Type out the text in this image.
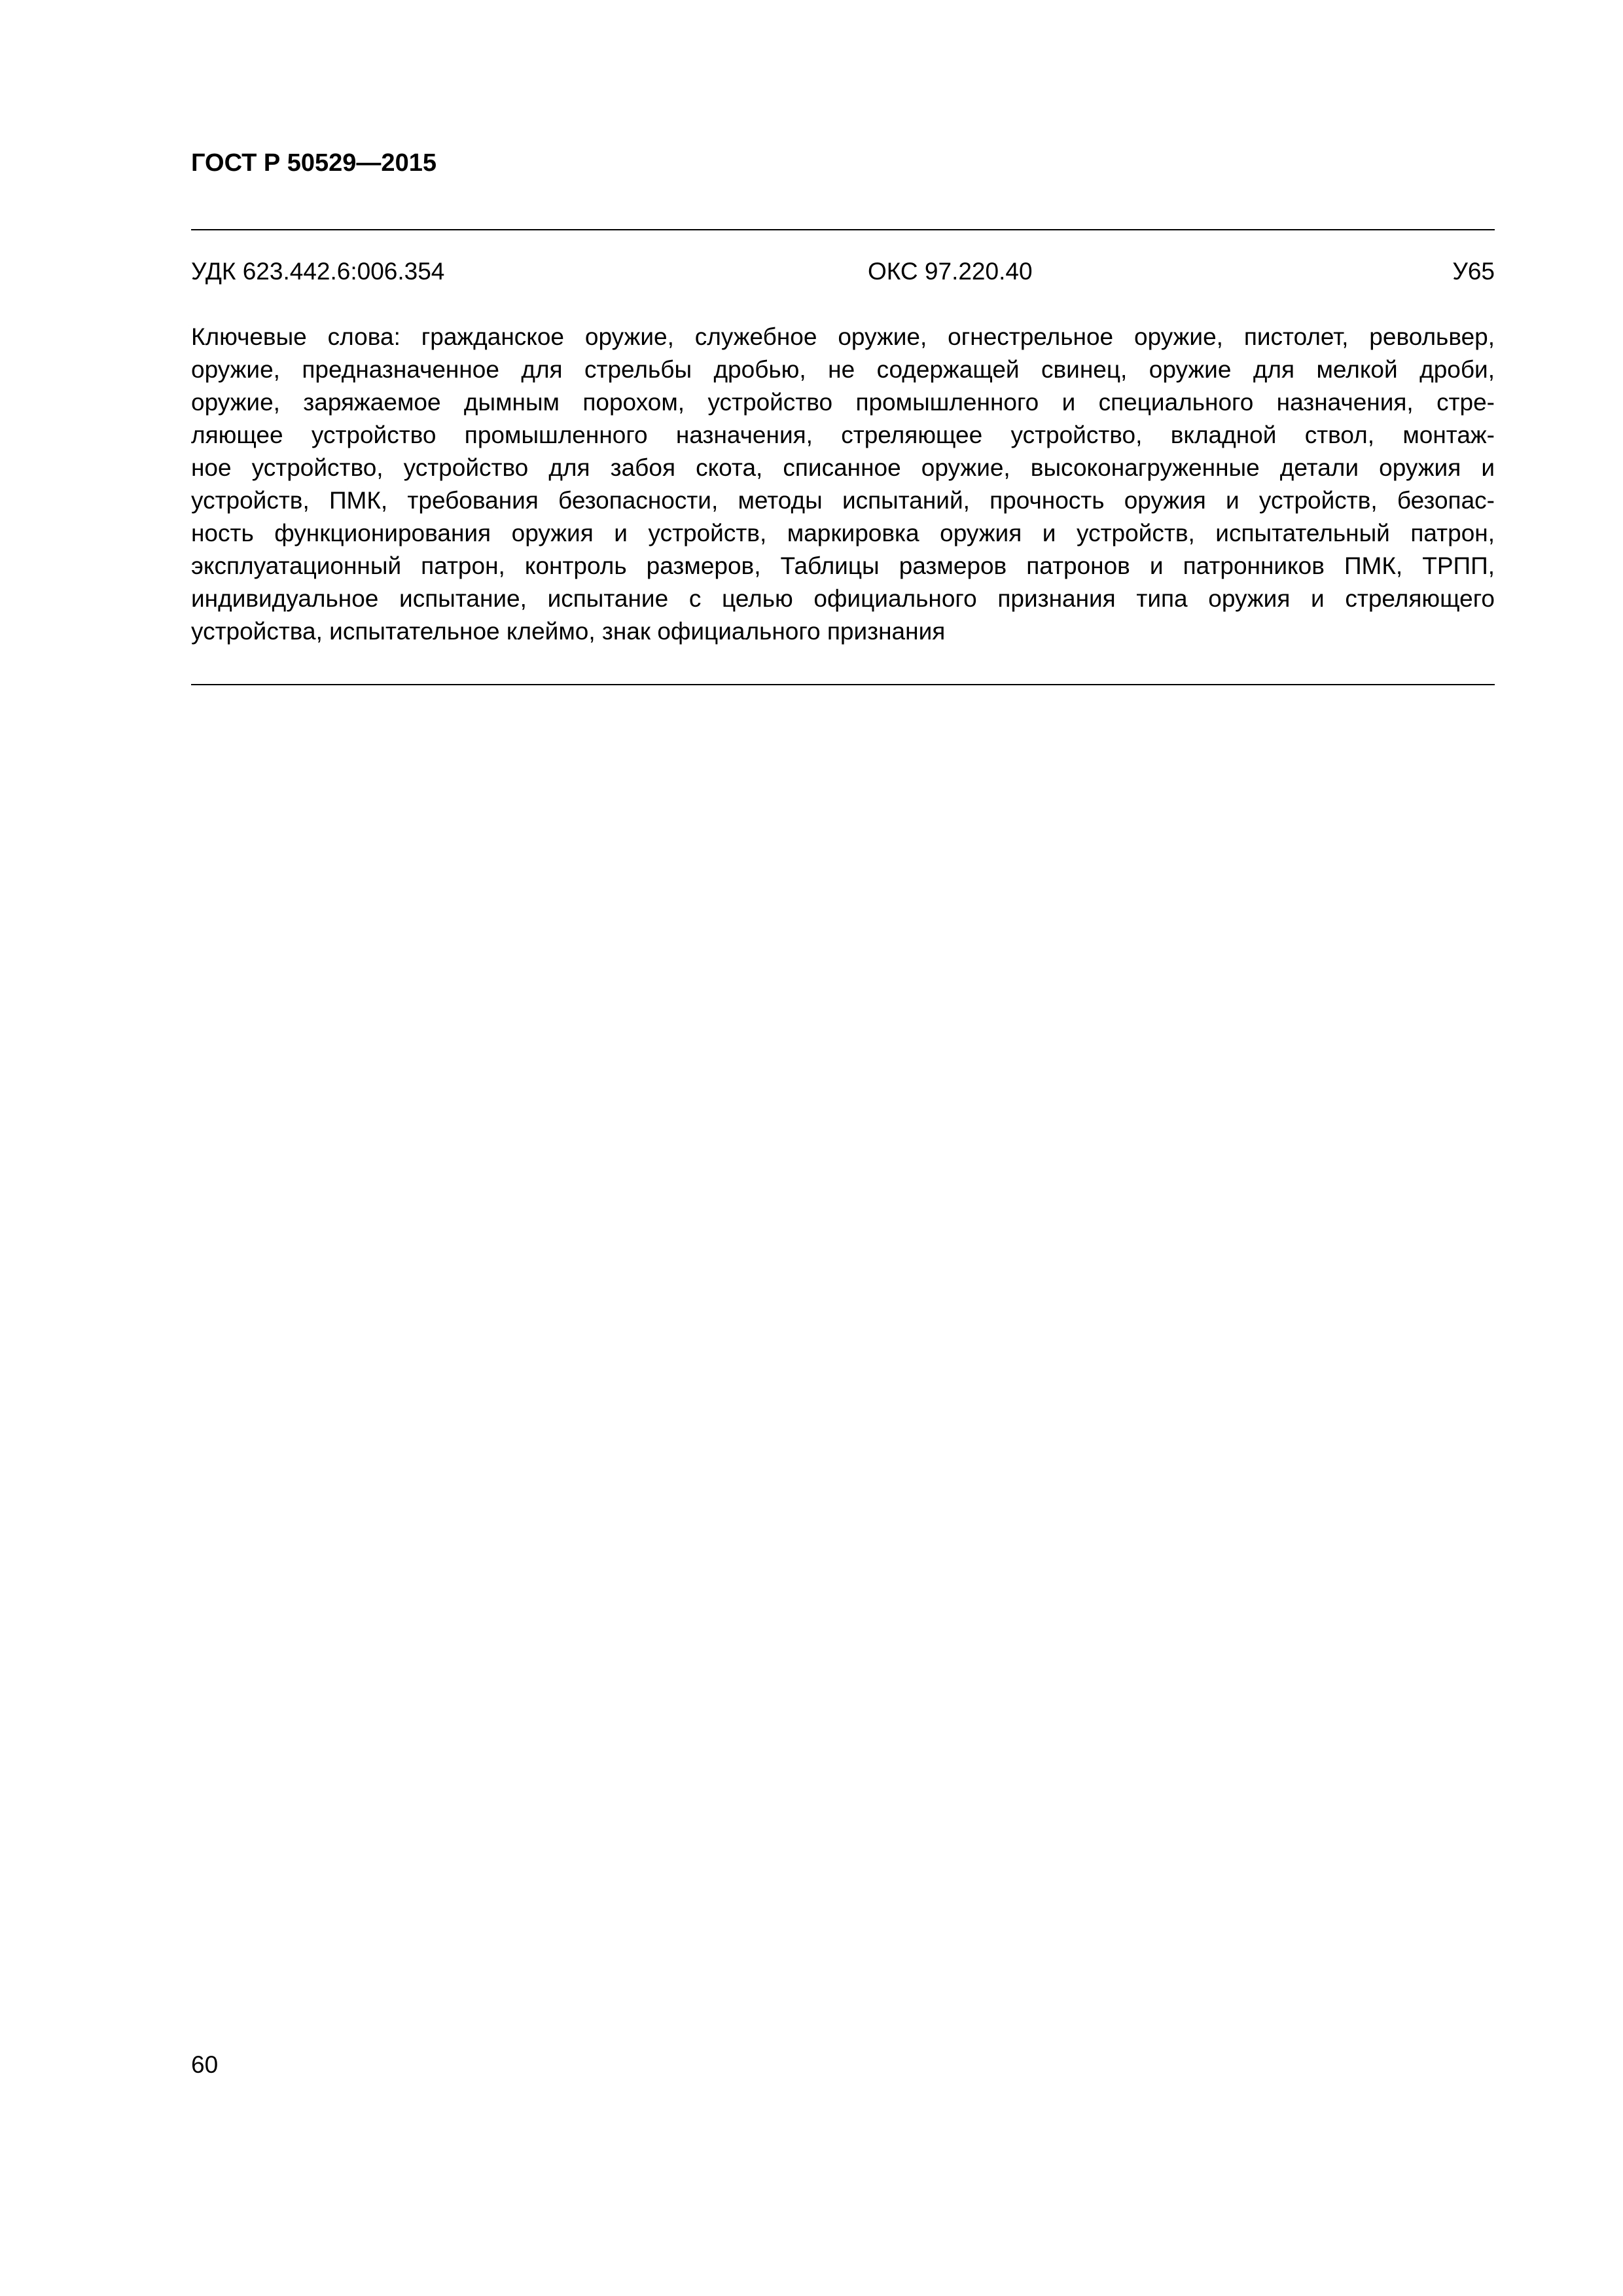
ГОСТ Р 50529—2015
УДК 623.442.6:006.354	ОКС 97.220.40	У65

Ключевые слова: гражданское оружие, служебное оружие, огнестрельное оружие, пистолет, револьвер,
оружие, предназначенное для стрельбы дробью, не содержащей свинец, оружие для мелкой дроби,
оружие, заряжаемое дымным порохом, устройство промышленного и специального назначения, стре-
ляющее устройство промышленного назначения, стреляющее устройство, вкладной ствол, монтаж-
ное устройство, устройство для забоя скота, списанное оружие, высоконагруженные детали оружия и
устройств, ПМК, требования безопасности, методы испытаний, прочность оружия и устройств, безопас-
ность функционирования оружия и устройств, маркировка оружия и устройств, испытательный патрон,
эксплуатационный патрон, контроль размеров, Таблицы размеров патронов и патронников ПМК, ТРПП,
индивидуальное испытание, испытание с целью официального признания типа оружия и стреляющего
устройства, испытательное клеймо, знак официального признания

60
